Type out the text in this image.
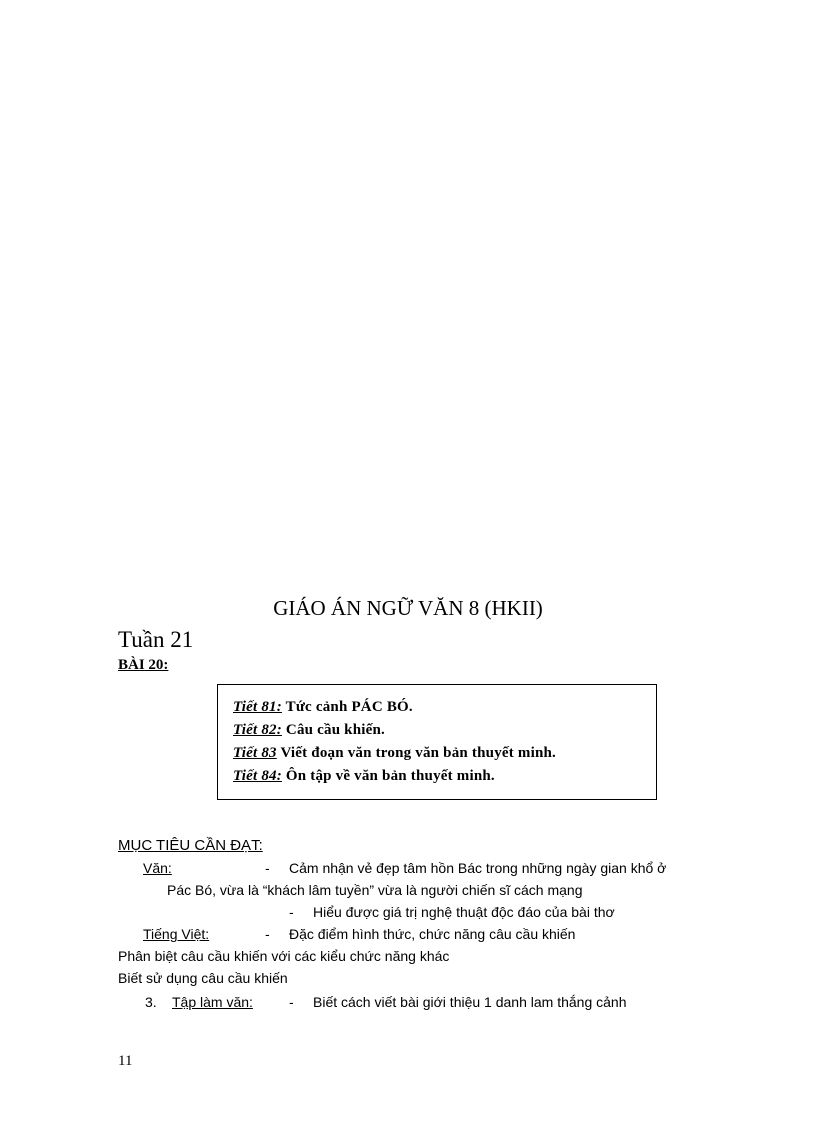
GIÁO ÁN NGỮ VĂN 8 (HKII)
Tuần 21
BÀI 20:
Tiết 81: Tức cảnh PÁC BÓ.
Tiết 82: Câu cầu khiến.
Tiết 83 Viết đoạn văn trong văn bản thuyết minh.
Tiết 84: Ôn tập về văn bản thuyết minh.
MỤC TIÊU CẦN ĐẠT:
Văn:	- Cảm nhận vẻ đẹp tâm hồn Bác trong những ngày gian khổ ở
Pác Bó, vừa là “khách lâm tuyền” vừa là người chiến sĩ cách mạng
- Hiểu được giá trị nghệ thuật độc đáo của bài thơ
Tiếng Việt:	- Đặc điểm hình thức, chức năng câu cầu khiến
Phân biệt câu cầu khiến với các kiểu chức năng khác
Biết sử dụng câu cầu khiến
3. Tập làm văn:	- Biết cách viết bài giới thiệu 1 danh lam thắng cảnh
11
